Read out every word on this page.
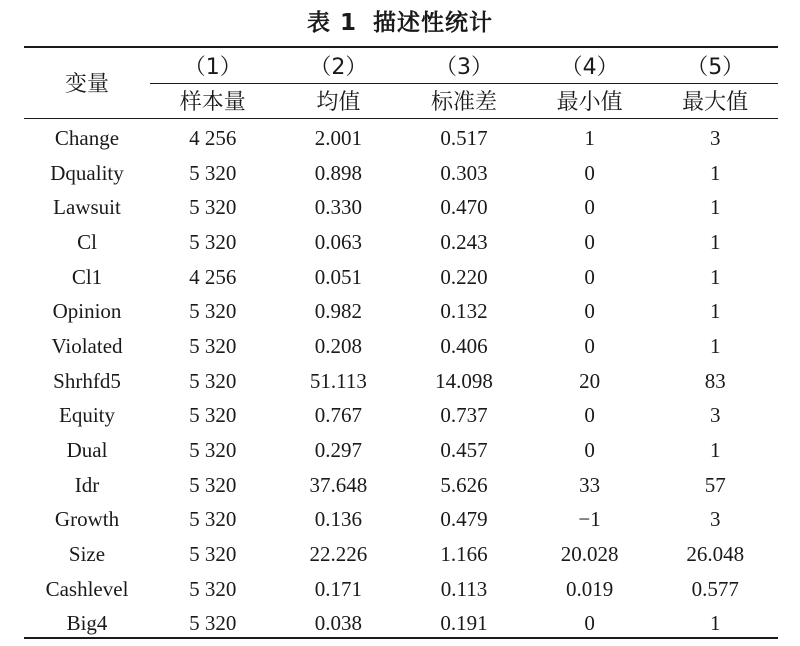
表 1 描述性统计
变量	（1）	（2）	（3）	（4）	（5）
	样本量	均值	标准差	最小值	最大值
Change	4 256	2.001	0.517	1	3
Dquality	5 320	0.898	0.303	0	1
Lawsuit	5 320	0.330	0.470	0	1
Cl	5 320	0.063	0.243	0	1
Cl1	4 256	0.051	0.220	0	1
Opinion	5 320	0.982	0.132	0	1
Violated	5 320	0.208	0.406	0	1
Shrhfd5	5 320	51.113	14.098	20	83
Equity	5 320	0.767	0.737	0	3
Dual	5 320	0.297	0.457	0	1
Idr	5 320	37.648	5.626	33	57
Growth	5 320	0.136	0.479	−1	3
Size	5 320	22.226	1.166	20.028	26.048
Cashlevel	5 320	0.171	0.113	0.019	0.577
Big4	5 320	0.038	0.191	0	1
